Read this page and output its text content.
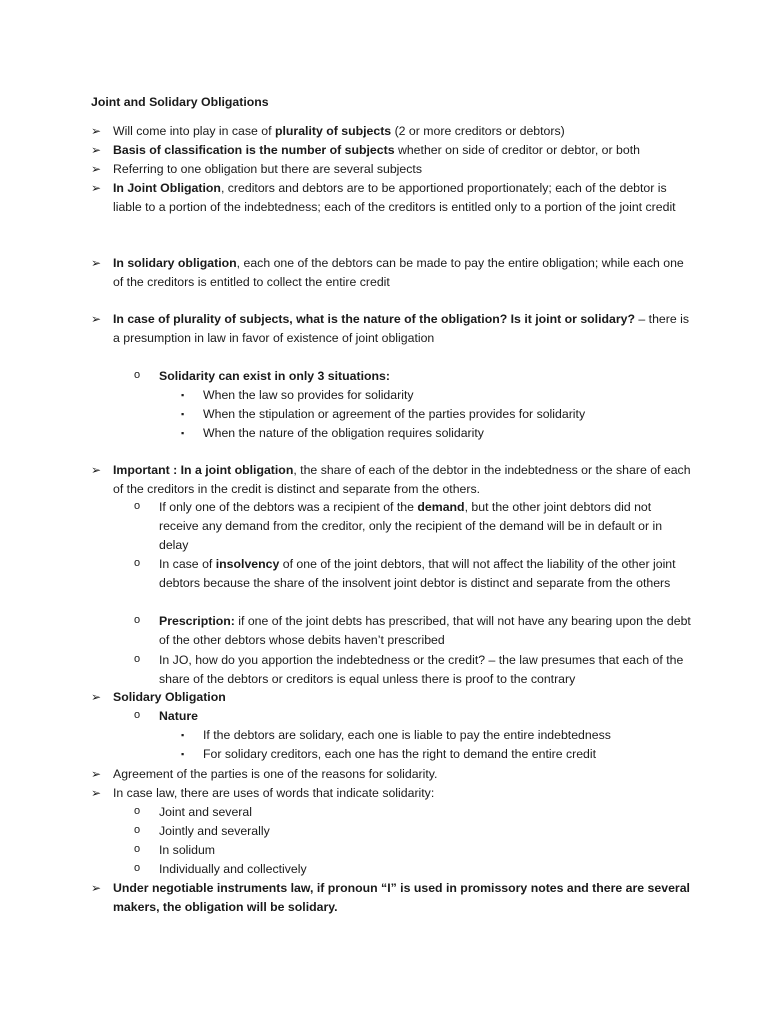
Joint and Solidary Obligations
➢ Will come into play in case of plurality of subjects (2 or more creditors or debtors)
➢ Basis of classification is the number of subjects whether on side of creditor or debtor, or both
➢ Referring to one obligation but there are several subjects
➢ In Joint Obligation, creditors and debtors are to be apportioned proportionately; each of the debtor is liable to a portion of the indebtedness; each of the creditors is entitled only to a portion of the joint credit
➢ In solidary obligation, each one of the debtors can be made to pay the entire obligation; while each one of the creditors is entitled to collect the entire credit
➢ In case of plurality of subjects, what is the nature of the obligation? Is it joint or solidary? – there is a presumption in law in favor of existence of joint obligation
o Solidarity can exist in only 3 situations:
▪ When the law so provides for solidarity
▪ When the stipulation or agreement of the parties provides for solidarity
▪ When the nature of the obligation requires solidarity
➢ Important : In a joint obligation, the share of each of the debtor in the indebtedness or the share of each of the creditors in the credit is distinct and separate from the others.
o If only one of the debtors was a recipient of the demand, but the other joint debtors did not receive any demand from the creditor, only the recipient of the demand will be in default or in delay
o In case of insolvency of one of the joint debtors, that will not affect the liability of the other joint debtors because the share of the insolvent joint debtor is distinct and separate from the others
o Prescription: if one of the joint debts has prescribed, that will not have any bearing upon the debt of the other debtors whose debits haven’t prescribed
o In JO, how do you apportion the indebtedness or the credit? – the law presumes that each of the share of the debtors or creditors is equal unless there is proof to the contrary
➢ Solidary Obligation
o Nature
▪ If the debtors are solidary, each one is liable to pay the entire indebtedness
▪ For solidary creditors, each one has the right to demand the entire credit
➢ Agreement of the parties is one of the reasons for solidarity.
➢ In case law, there are uses of words that indicate solidarity:
o Joint and several
o Jointly and severally
o In solidum
o Individually and collectively
➢ Under negotiable instruments law, if pronoun “I” is used in promissory notes and there are several makers, the obligation will be solidary.
